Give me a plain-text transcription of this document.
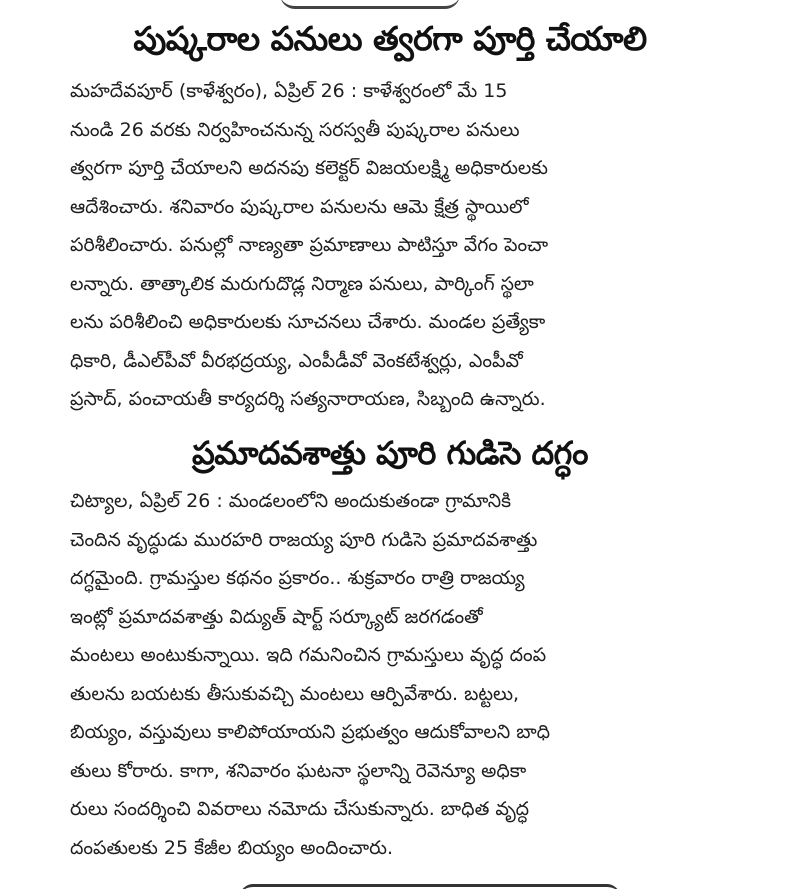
పుష్కరాల పనులు త్వరగా పూర్తి చేయాలి

మహదేవపూర్ (కాళేశ్వరం), ఏప్రిల్ 26 : కాళేశ్వరంలో మే 15
నుండి 26 వరకు నిర్వహించనున్న సరస్వతీ పుష్కరాల పనులు
త్వరగా పూర్తి చేయాలని అదనపు కలెక్టర్ విజయలక్ష్మి అధికారులకు
ఆదేశించారు. శనివారం పుష్కరాల పనులను ఆమె క్షేత్ర స్థాయిలో
పరిశీలించారు. పనుల్లో నాణ్యతా ప్రమాణాలు పాటిస్తూ వేగం పెంచా
లన్నారు. తాత్కాలిక మరుగుదొడ్ల నిర్మాణ పనులు, పార్కింగ్ స్థలా
లను పరిశీలించి అధికారులకు సూచనలు చేశారు. మండల ప్రత్యేకా
ధికారి, డీఎల్‌పీవో వీరభద్రయ్య, ఎంపీడీవో వెంకటేశ్వర్లు, ఎంపీవో
ప్రసాద్, పంచాయతీ కార్యదర్శి సత్యనారాయణ, సిబ్బంది ఉన్నారు.

ప్రమాదవశాత్తు పూరి గుడిసె దగ్ధం

చిట్యాల, ఏప్రిల్ 26 : మండలంలోని అందుకుతండా గ్రామానికి
చెందిన వృద్ధుడు మురహరి రాజయ్య పూరి గుడిసె ప్రమాదవశాత్తు
దగ్ధమైంది. గ్రామస్తుల కథనం ప్రకారం.. శుక్రవారం రాత్రి రాజయ్య
ఇంట్లో ప్రమాదవశాత్తు విద్యుత్ షార్ట్ సర్క్యూట్ జరగడంతో
మంటలు అంటుకున్నాయి. ఇది గమనించిన గ్రామస్తులు వృద్ధ దంప
తులను బయటకు తీసుకువచ్చి మంటలు ఆర్పివేశారు. బట్టలు,
బియ్యం, వస్తువులు కాలిపోయాయని ప్రభుత్వం ఆదుకోవాలని బాధి
తులు కోరారు. కాగా, శనివారం ఘటనా స్థలాన్ని రెవెన్యూ అధికా
రులు సందర్శించి వివరాలు నమోదు చేసుకున్నారు. బాధిత వృద్ధ
దంపతులకు 25 కేజీల బియ్యం అందించారు.
